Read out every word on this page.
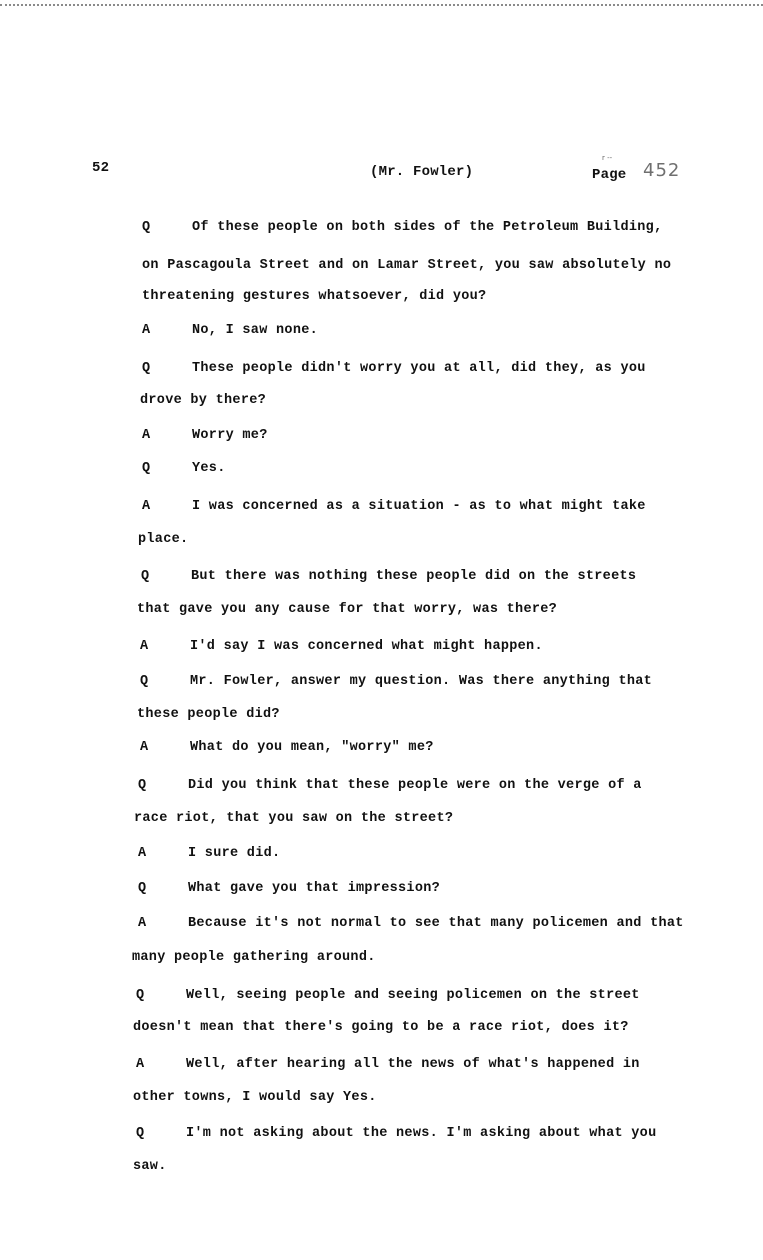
52	(Mr. Fowler)	Page
r --
452
Q	Of these people on both sides of the Petroleum Building,
on Pascagoula Street and on Lamar Street, you saw absolutely no
threatening gestures whatsoever, did you?
A	No, I saw none.
Q	These people didn't worry you at all, did they, as you
drove by there?
A	Worry me?
Q	Yes.
A	I was concerned as a situation - as to what might take
place.
Q	But there was nothing these people did on the streets
that gave you any cause for that worry, was there?
A	I'd say I was concerned what might happen.
Q	Mr. Fowler, answer my question. Was there anything that
these people did?
A	What do you mean, "worry" me?
Q	Did you think that these people were on the verge of a
race riot, that you saw on the street?
A	I sure did.
Q	What gave you that impression?
A	Because it's not normal to see that many policemen and that
many people gathering around.
Q	Well, seeing people and seeing policemen on the street
doesn't mean that there's going to be a race riot, does it?
A	Well, after hearing all the news of what's happened in
other towns, I would say Yes.
Q	I'm not asking about the news. I'm asking about what you
saw.
